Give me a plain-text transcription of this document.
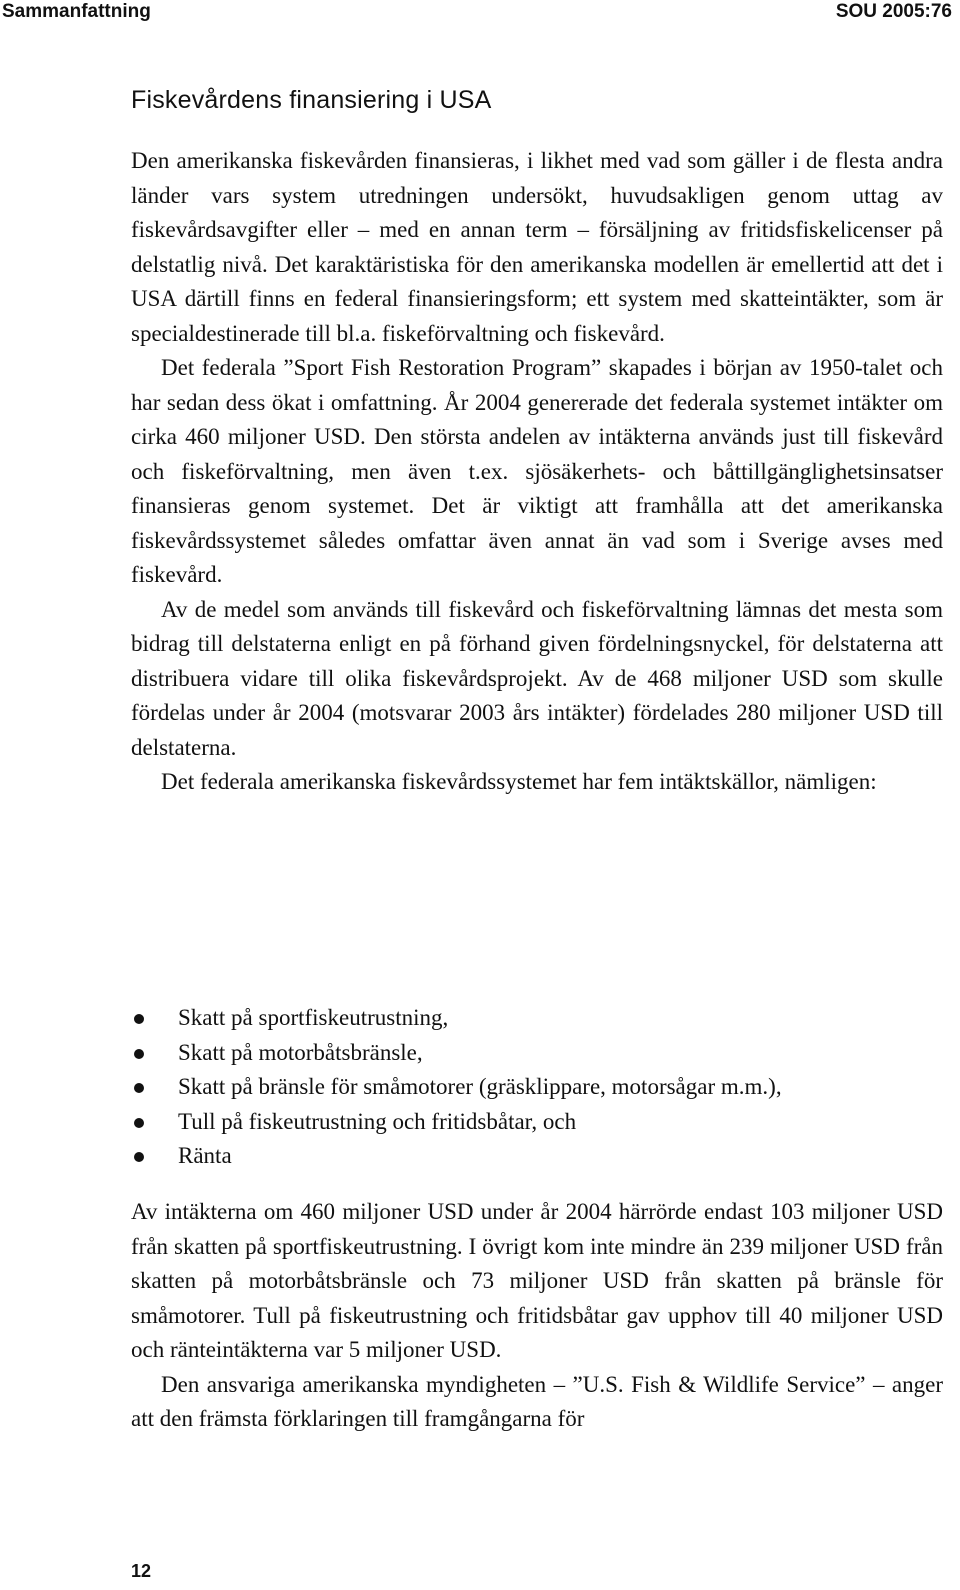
Sammanfattning	SOU 2005:76
Fiskevårdens finansiering i USA

Den amerikanska fiskevården finansieras, i likhet med vad som gäller i de flesta andra länder vars system utredningen undersökt, huvudsakligen genom uttag av fiskevårdsavgifter eller – med en annan term – försäljning av fritidsfiskelicenser på delstatlig nivå. Det karaktäristiska för den amerikanska modellen är emellertid att det i USA därtill finns en federal finansieringsform; ett system med skatteintäkter, som är specialdestinerade till bl.a. fiskeförvaltning och fiskevård.

Det federala ”Sport Fish Restoration Program” skapades i början av 1950-talet och har sedan dess ökat i omfattning. År 2004 genererade det federala systemet intäkter om cirka 460 miljoner USD. Den största andelen av intäkterna används just till fiskevård och fiskeförvaltning, men även t.ex. sjösäkerhets- och båttillgänglighetsinsatser finansieras genom systemet. Det är viktigt att framhålla att det amerikanska fiskevårdssystemet således omfattar även annat än vad som i Sverige avses med fiskevård.

Av de medel som används till fiskevård och fiskeförvaltning lämnas det mesta som bidrag till delstaterna enligt en på förhand given fördelningsnyckel, för delstaterna att distribuera vidare till olika fiskevårdsprojekt. Av de 468 miljoner USD som skulle fördelas under år 2004 (motsvarar 2003 års intäkter) fördelades 280 miljoner USD till delstaterna.

Det federala amerikanska fiskevårdssystemet har fem intäktskällor, nämligen:

Skatt på sportfiskeutrustning,
Skatt på motorbåtsbränsle,
Skatt på bränsle för småmotorer (gräsklippare, motorsågar m.m.),
Tull på fiskeutrustning och fritidsbåtar, och
Ränta

Av intäkterna om 460 miljoner USD under år 2004 härrörde endast 103 miljoner USD från skatten på sportfiskeutrustning. I övrigt kom inte mindre än 239 miljoner USD från skatten på motorbåtsbränsle och 73 miljoner USD från skatten på bränsle för småmotorer. Tull på fiskeutrustning och fritidsbåtar gav upphov till 40 miljoner USD och ränteintäkterna var 5 miljoner USD.

Den ansvariga amerikanska myndigheten – ”U.S. Fish & Wildlife Service” – anger att den främsta förklaringen till framgångarna för

12
